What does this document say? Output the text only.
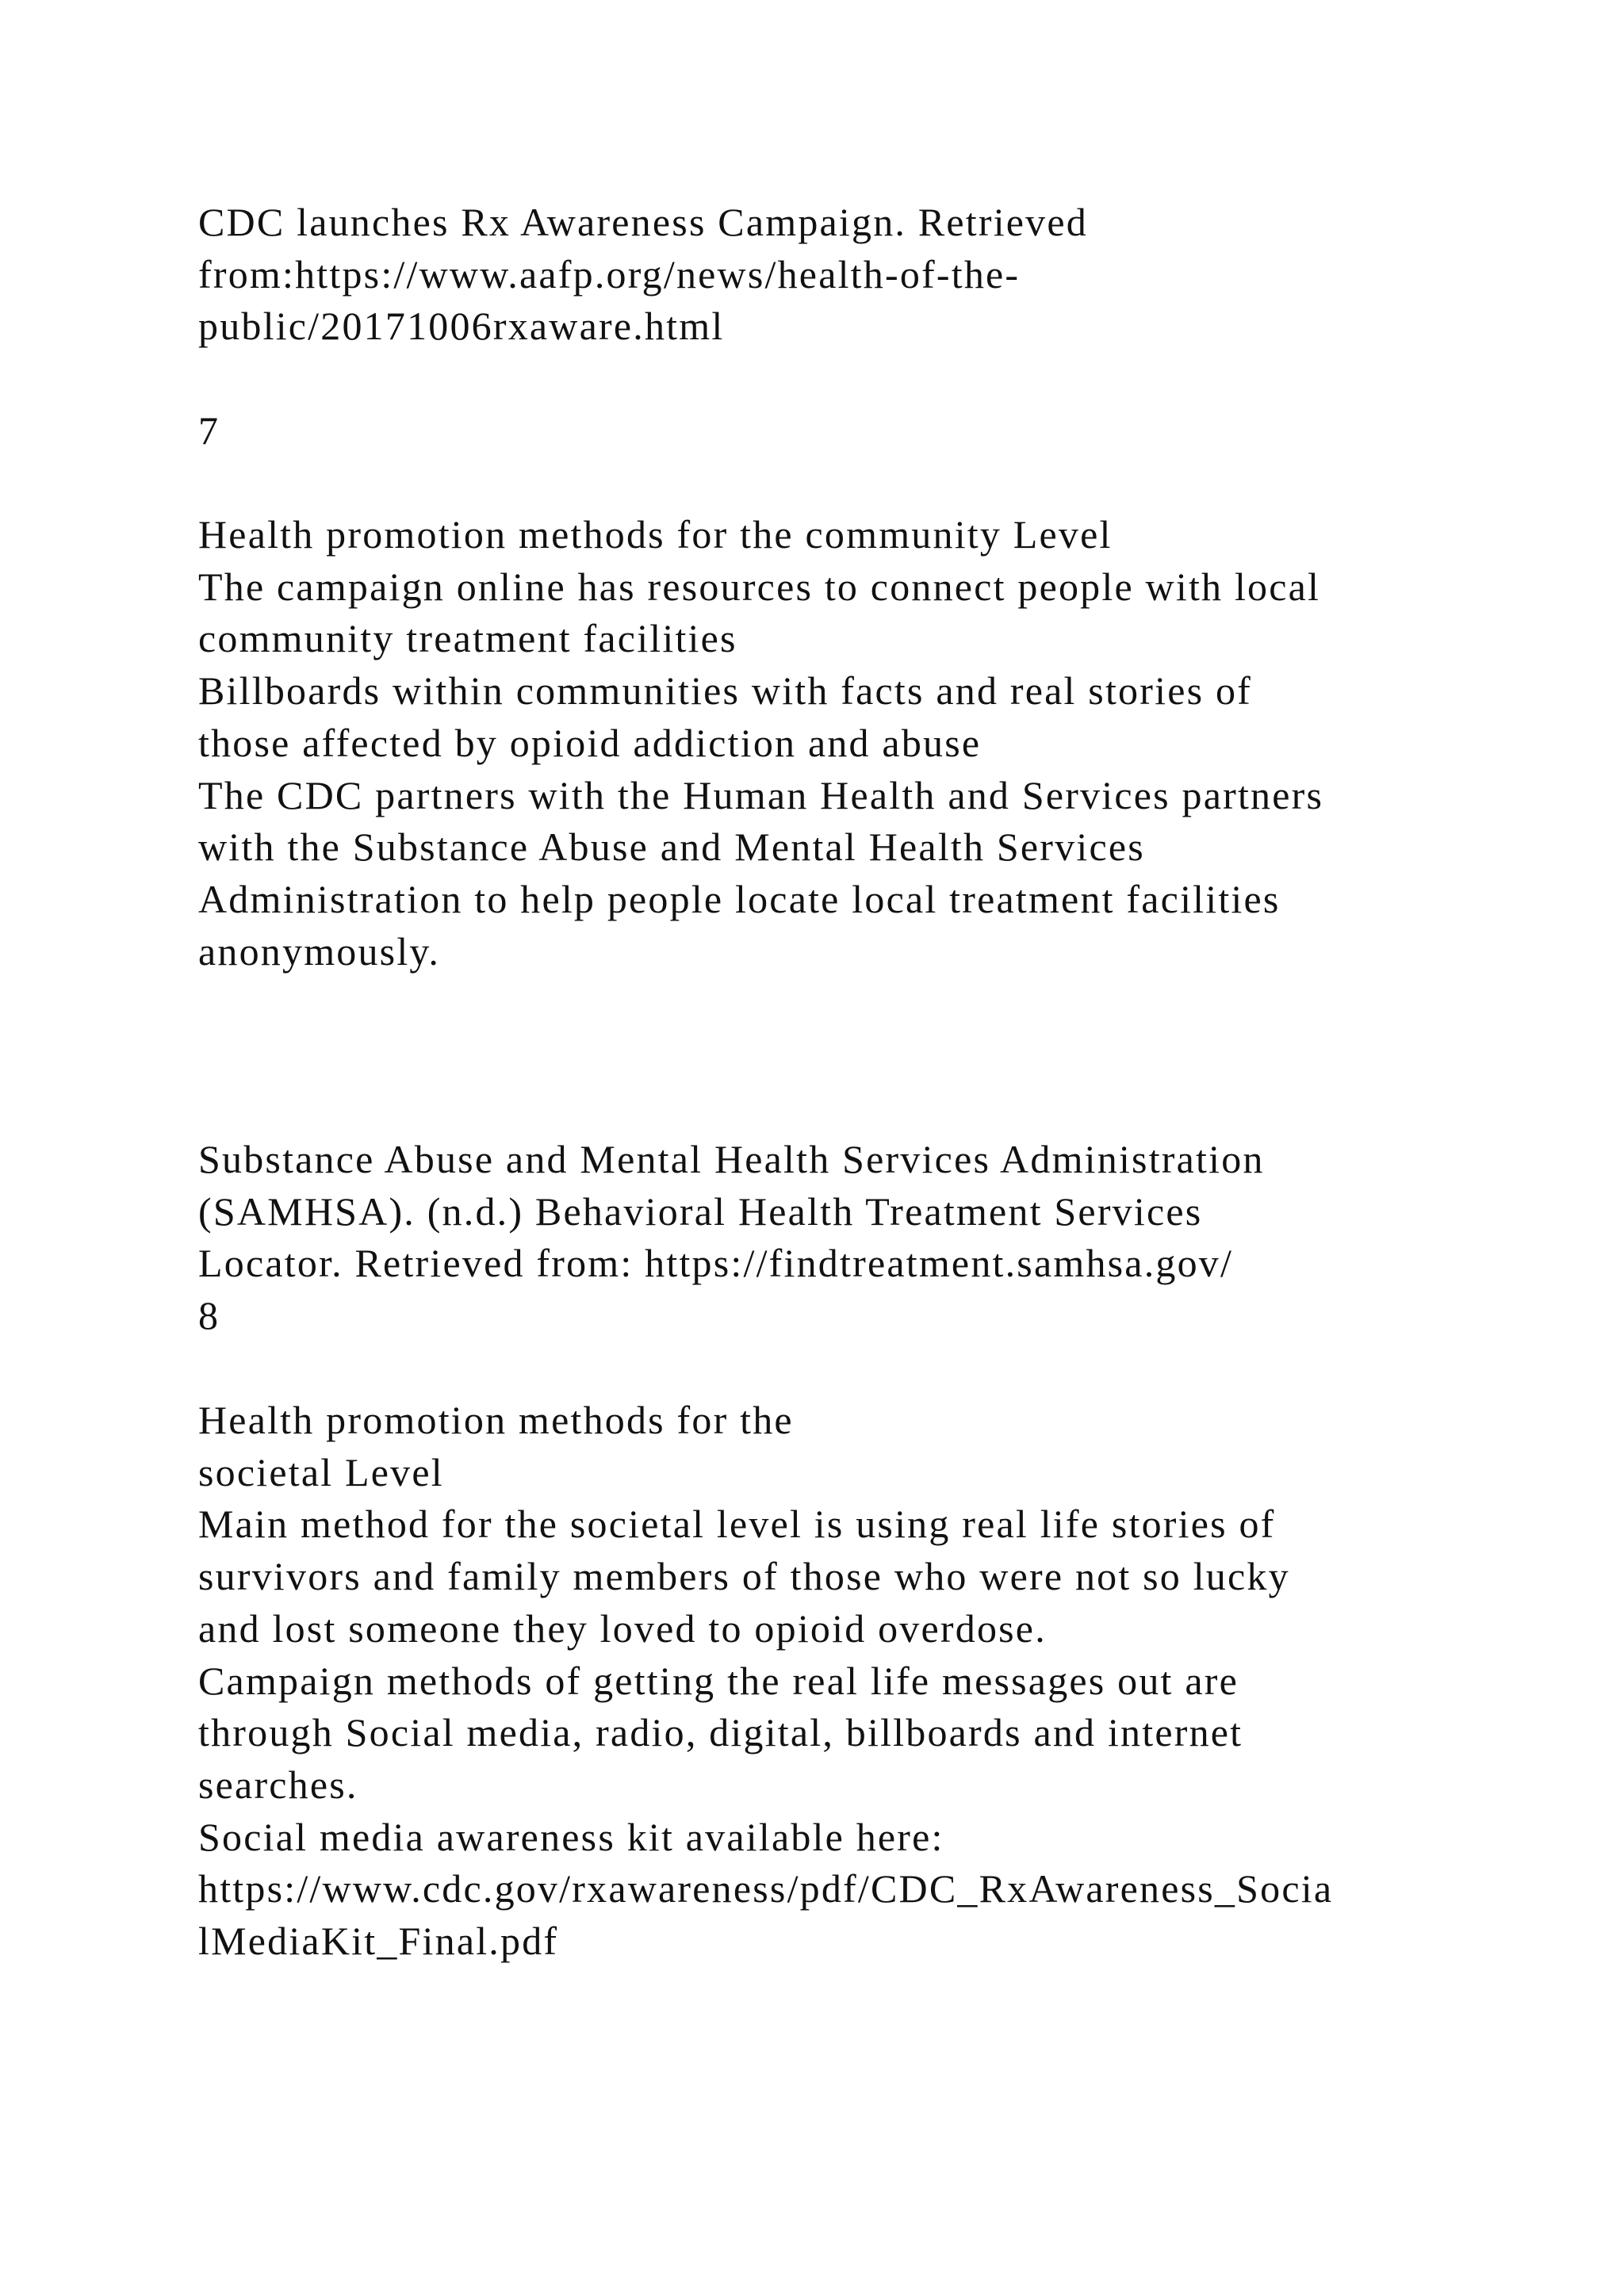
CDC launches Rx Awareness Campaign. Retrieved
from:https://www.aafp.org/news/health-of-the-
public/20171006rxaware.html
7
Health promotion methods for the community Level
The campaign online has resources to connect people with local
community treatment facilities
Billboards within communities with facts and real stories of
those affected by opioid addiction and abuse
The CDC partners with the Human Health and Services partners
with the Substance Abuse and Mental Health Services
Administration to help people locate local treatment facilities
anonymously.
Substance Abuse and Mental Health Services Administration
(SAMHSA). (n.d.) Behavioral Health Treatment Services
Locator. Retrieved from: https://findtreatment.samhsa.gov/
8
Health promotion methods for the
societal Level
Main method for the societal level is using real life stories of
survivors and family members of those who were not so lucky
and lost someone they loved to opioid overdose.
Campaign methods of getting the real life messages out are
through Social media, radio, digital, billboards and internet
searches.
Social media awareness kit available here:
https://www.cdc.gov/rxawareness/pdf/CDC_RxAwareness_Socia
lMediaKit_Final.pdf
